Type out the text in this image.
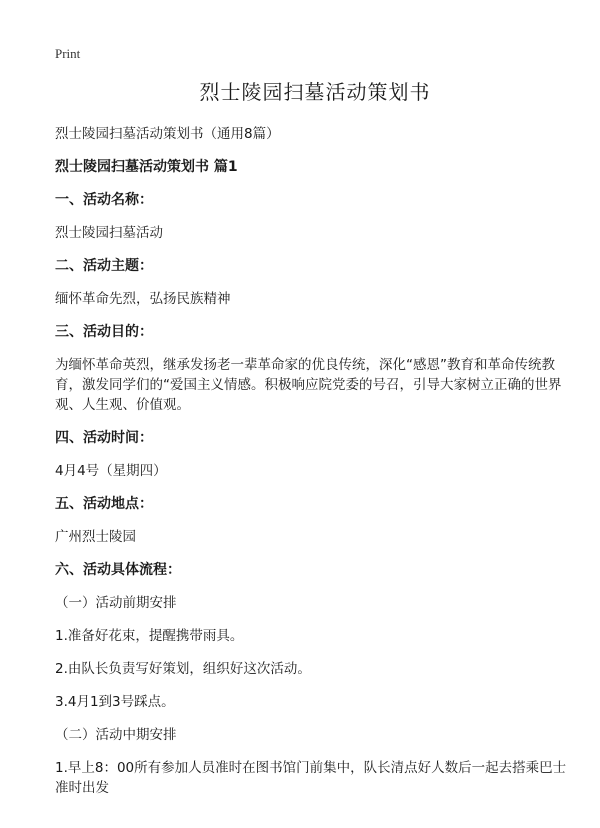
Print
烈士陵园扫墓活动策划书
烈士陵园扫墓活动策划书（通用8篇）
烈士陵园扫墓活动策划书 篇1
一、活动名称：
烈士陵园扫墓活动
二、活动主题：
缅怀革命先烈，弘扬民族精神
三、活动目的：
为缅怀革命英烈，继承发扬老一辈革命家的优良传统，深化“感恩”教育和革命传统教育，激发同学们的“爱国主义情感。积极响应院党委的号召，引导大家树立正确的世界观、人生观、价值观。
四、活动时间：
4月4号（星期四）
五、活动地点：
广州烈士陵园
六、活动具体流程：
（一）活动前期安排
1.准备好花束，提醒携带雨具。
2.由队长负责写好策划，组织好这次活动。
3.4月1到3号踩点。
（二）活动中期安排
1.早上8：00所有参加人员准时在图书馆门前集中，队长清点好人数后一起去搭乘巴士准时出发
